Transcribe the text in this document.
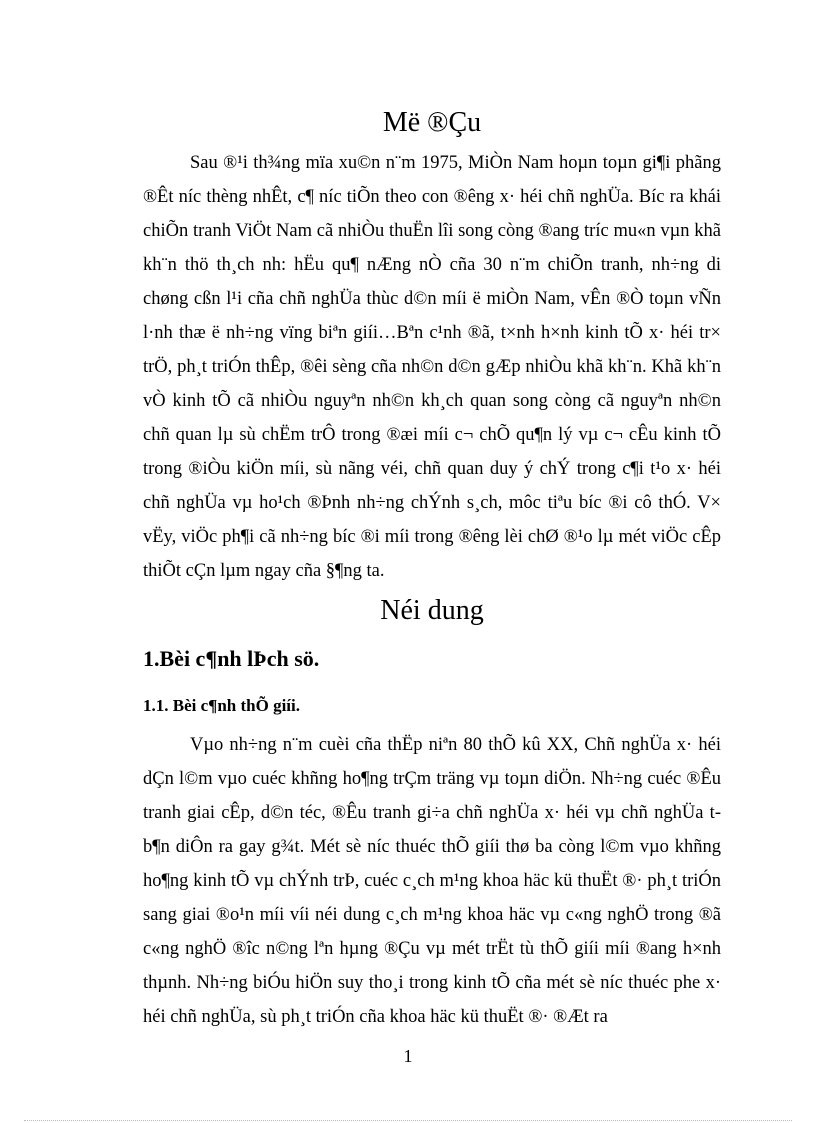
Më ®Çu

Sau ®¹i th¾ng mïa xu©n n¨m 1975, MiÒn Nam hoµn toµn gi¶i phãng ®Êt níc thèng nhÊt, c¶ níc tiÕn theo con ®êng x· héi chñ nghÜa. Bíc ra khái chiÕn tranh ViÖt Nam cã nhiÒu thuËn lîi song còng ®ang tríc mu«n vµn khã kh¨n thö th¸ch nh: hËu qu¶ nÆng nÒ cña 30 n¨m chiÕn tranh, nh÷ng di chøng cßn l¹i cña chñ nghÜa thùc d©n míi ë miÒn Nam, vÊn ®Ò toµn vÑn l·nh thæ ë nh÷ng vïng biªn giíi…Bªn c¹nh ®ã, t×nh h×nh kinh tÕ x· héi tr× trÖ, ph¸t triÓn thÊp, ®êi sèng cña nh©n d©n gÆp nhiÒu khã kh¨n. Khã kh¨n vÒ kinh tÕ cã nhiÒu nguyªn nh©n kh¸ch quan song còng cã nguyªn nh©n chñ quan lµ sù chËm trÔ trong ®æi míi c¬ chÕ qu¶n lý vµ c¬ cÊu kinh tÕ trong ®iÒu kiÖn míi, sù nãng véi, chñ quan duy ý chÝ trong c¶i t¹o x· héi chñ nghÜa vµ ho¹ch ®Þnh nh÷ng chÝnh s¸ch, môc tiªu bíc ®i cô thÓ. V× vËy, viÖc ph¶i cã nh÷ng bíc ®i míi trong ®êng lèi chØ ®¹o lµ mét viÖc cÊp thiÕt cÇn lµm ngay cña §¶ng ta.

Néi dung
1.Bèi c¶nh lÞch sö.
1.1. Bèi c¶nh thÕ giíi.

Vµo nh÷ng n¨m cuèi cña thËp niªn 80 thÕ kû XX, Chñ nghÜa x· héi dÇn l©m vµo cuéc khñng ho¶ng trÇm träng vµ toµn diÖn. Nh÷ng cuéc ®Êu tranh giai cÊp, d©n téc, ®Êu tranh gi÷a chñ nghÜa x· héi vµ chñ nghÜa t b¶n diÔn ra gay g¾t. Mét sè níc thuéc thÕ giíi thø ba còng l©m vµo khñng ho¶ng kinh tÕ vµ chÝnh trÞ, cuéc c¸ch m¹ng khoa häc kü thuËt ®· ph¸t triÓn sang giai ®o¹n míi víi néi dung c¸ch m¹ng khoa häc vµ c«ng nghÖ trong ®ã c«ng nghÖ ®îc n©ng lªn hµng ®Çu vµ mét trËt tù thÕ giíi míi ®ang h×nh thµnh. Nh÷ng biÓu hiÖn suy tho¸i trong kinh tÕ cña mét sè níc thuéc phe x· héi chñ nghÜa, sù ph¸t triÓn cña khoa häc kü thuËt ®· ®Æt ra

1
